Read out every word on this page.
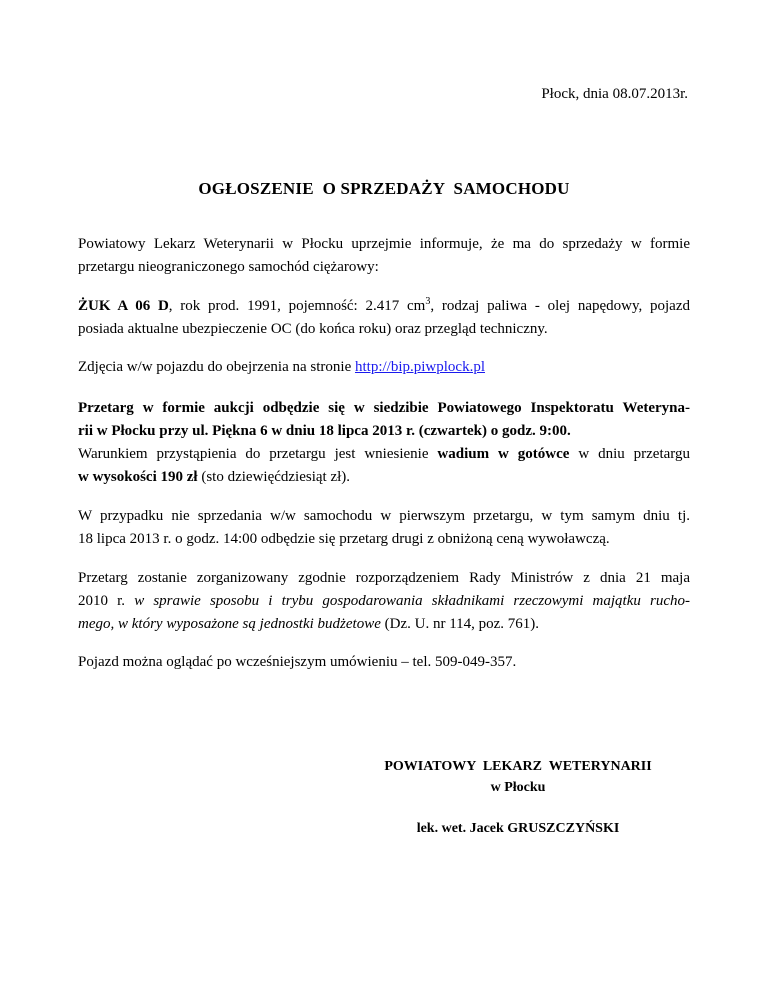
Płock, dnia 08.07.2013r.
OGŁOSZENIE  O SPRZEDAŻY  SAMOCHODU
Powiatowy Lekarz Weterynarii w Płocku uprzejmie informuje, że ma do sprzedaży w formie
przetargu nieograniczonego samochód ciężarowy:
ŻUK A 06 D, rok prod. 1991, pojemność: 2.417 $cm^3$, rodzaj paliwa - olej napędowy, pojazd
posiada aktualne ubezpieczenie OC (do końca roku) oraz przegląd techniczny.
Zdjęcia w/w pojazdu do obejrzenia na stronie http://bip.piwplock.pl
Przetarg w formie aukcji odbędzie się w siedzibie Powiatowego Inspektoratu Weteryna-
rii w Płocku przy ul. Piękna 6 w dniu 18 lipca 2013 r. (czwartek) o godz. 9:00.
Warunkiem przystąpienia do przetargu jest wniesienie wadium w gotówce w dniu przetargu
w wysokości 190 zł (sto dziewięćdziesiąt zł).
W przypadku nie sprzedania w/w samochodu w pierwszym przetargu, w tym samym dniu tj.
18 lipca 2013 r. o godz. 14:00 odbędzie się przetarg drugi z obniżoną ceną wywoławczą.
Przetarg zostanie zorganizowany zgodnie rozporządzeniem Rady Ministrów z dnia 21 maja
2010 r. w sprawie sposobu i trybu gospodarowania składnikami rzeczowymi majątku rucho-
mego, w który wyposażone są jednostki budżetowe (Dz. U. nr 114, poz. 761).
Pojazd można oglądać po wcześniejszym umówieniu – tel. 509-049-357.
POWIATOWY  LEKARZ  WETERYNARII
w Płocku
lek. wet. Jacek GRUSZCZYŃSKI
